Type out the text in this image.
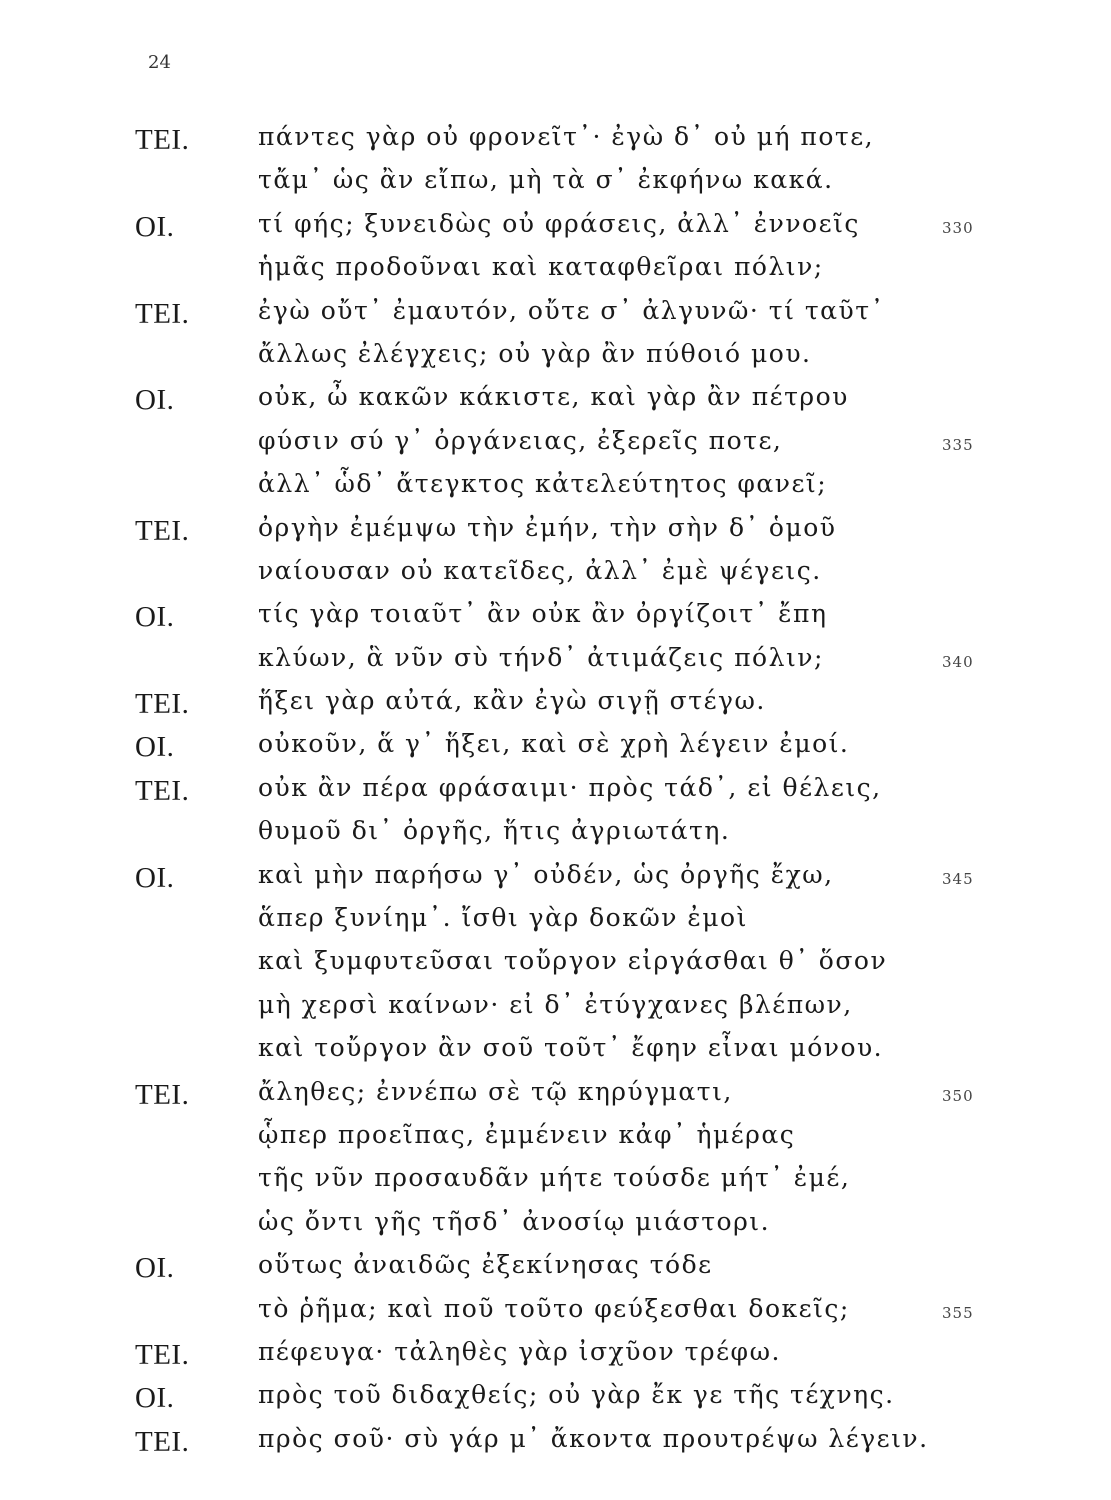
24
ΤΕΙ.	πάντες γὰρ οὐ φρονεῖτ᾽· ἐγὼ δ᾽ οὐ μή ποτε,
τἄμ᾽ ὡς ἂν εἴπω, μὴ τὰ σ᾽ ἐκφήνω κακά.
ΟΙ.	τί φής; ξυνειδὼς οὐ φράσεις, ἀλλ᾽ ἐννοεῖς	330
ἡμᾶς προδοῦναι καὶ καταφθεῖραι πόλιν;
ΤΕΙ.	ἐγὼ οὔτ᾽ ἐμαυτόν, οὔτε σ᾽ ἀλγυνῶ· τί ταῦτ᾽
ἄλλως ἐλέγχεις; οὐ γὰρ ἂν πύθοιό μου.
ΟΙ.	οὐκ, ὦ κακῶν κάκιστε, καὶ γὰρ ἂν πέτρου
φύσιν σύ γ᾽ ὀργάνειας, ἐξερεῖς ποτε,	335
ἀλλ᾽ ὧδ᾽ ἄτεγκτος κἀτελεύτητος φανεῖ;
ΤΕΙ.	ὀργὴν ἐμέμψω τὴν ἐμήν, τὴν σὴν δ᾽ ὁμοῦ
ναίουσαν οὐ κατεῖδες, ἀλλ᾽ ἐμὲ ψέγεις.
ΟΙ.	τίς γὰρ τοιαῦτ᾽ ἂν οὐκ ἂν ὀργίζοιτ᾽ ἔπη
κλύων, ἃ νῦν σὺ τήνδ᾽ ἀτιμάζεις πόλιν;	340
ΤΕΙ.	ἥξει γὰρ αὐτά, κἂν ἐγὼ σιγῇ στέγω.
ΟΙ.	οὐκοῦν, ἅ γ᾽ ἥξει, καὶ σὲ χρὴ λέγειν ἐμοί.
ΤΕΙ.	οὐκ ἂν πέρα φράσαιμι· πρὸς τάδ᾽, εἰ θέλεις,
θυμοῦ δι᾽ ὀργῆς, ἥτις ἀγριωτάτη.
ΟΙ.	καὶ μὴν παρήσω γ᾽ οὐδέν, ὡς ὀργῆς ἔχω,	345
ἅπερ ξυνίημ᾽. ἴσθι γὰρ δοκῶν ἐμοὶ
καὶ ξυμφυτεῦσαι τοὔργον εἰργάσθαι θ᾽ ὅσον
μὴ χερσὶ καίνων· εἰ δ᾽ ἐτύγχανες βλέπων,
καὶ τοὔργον ἂν σοῦ τοῦτ᾽ ἔφην εἶναι μόνου.
ΤΕΙ.	ἄληθες; ἐννέπω σὲ τῷ κηρύγματι,	350
ᾧπερ προεῖπας, ἐμμένειν κἀφ᾽ ἡμέρας
τῆς νῦν προσαυδᾶν μήτε τούσδε μήτ᾽ ἐμέ,
ὡς ὄντι γῆς τῆσδ᾽ ἀνοσίῳ μιάστορι.
ΟΙ.	οὕτως ἀναιδῶς ἐξεκίνησας τόδε
τὸ ῥῆμα; καὶ ποῦ τοῦτο φεύξεσθαι δοκεῖς;	355
ΤΕΙ.	πέφευγα· τἀληθὲς γὰρ ἰσχῦον τρέφω.
ΟΙ.	πρὸς τοῦ διδαχθείς; οὐ γὰρ ἔκ γε τῆς τέχνης.
ΤΕΙ.	πρὸς σοῦ· σὺ γάρ μ᾽ ἄκοντα προυτρέψω λέγειν.
